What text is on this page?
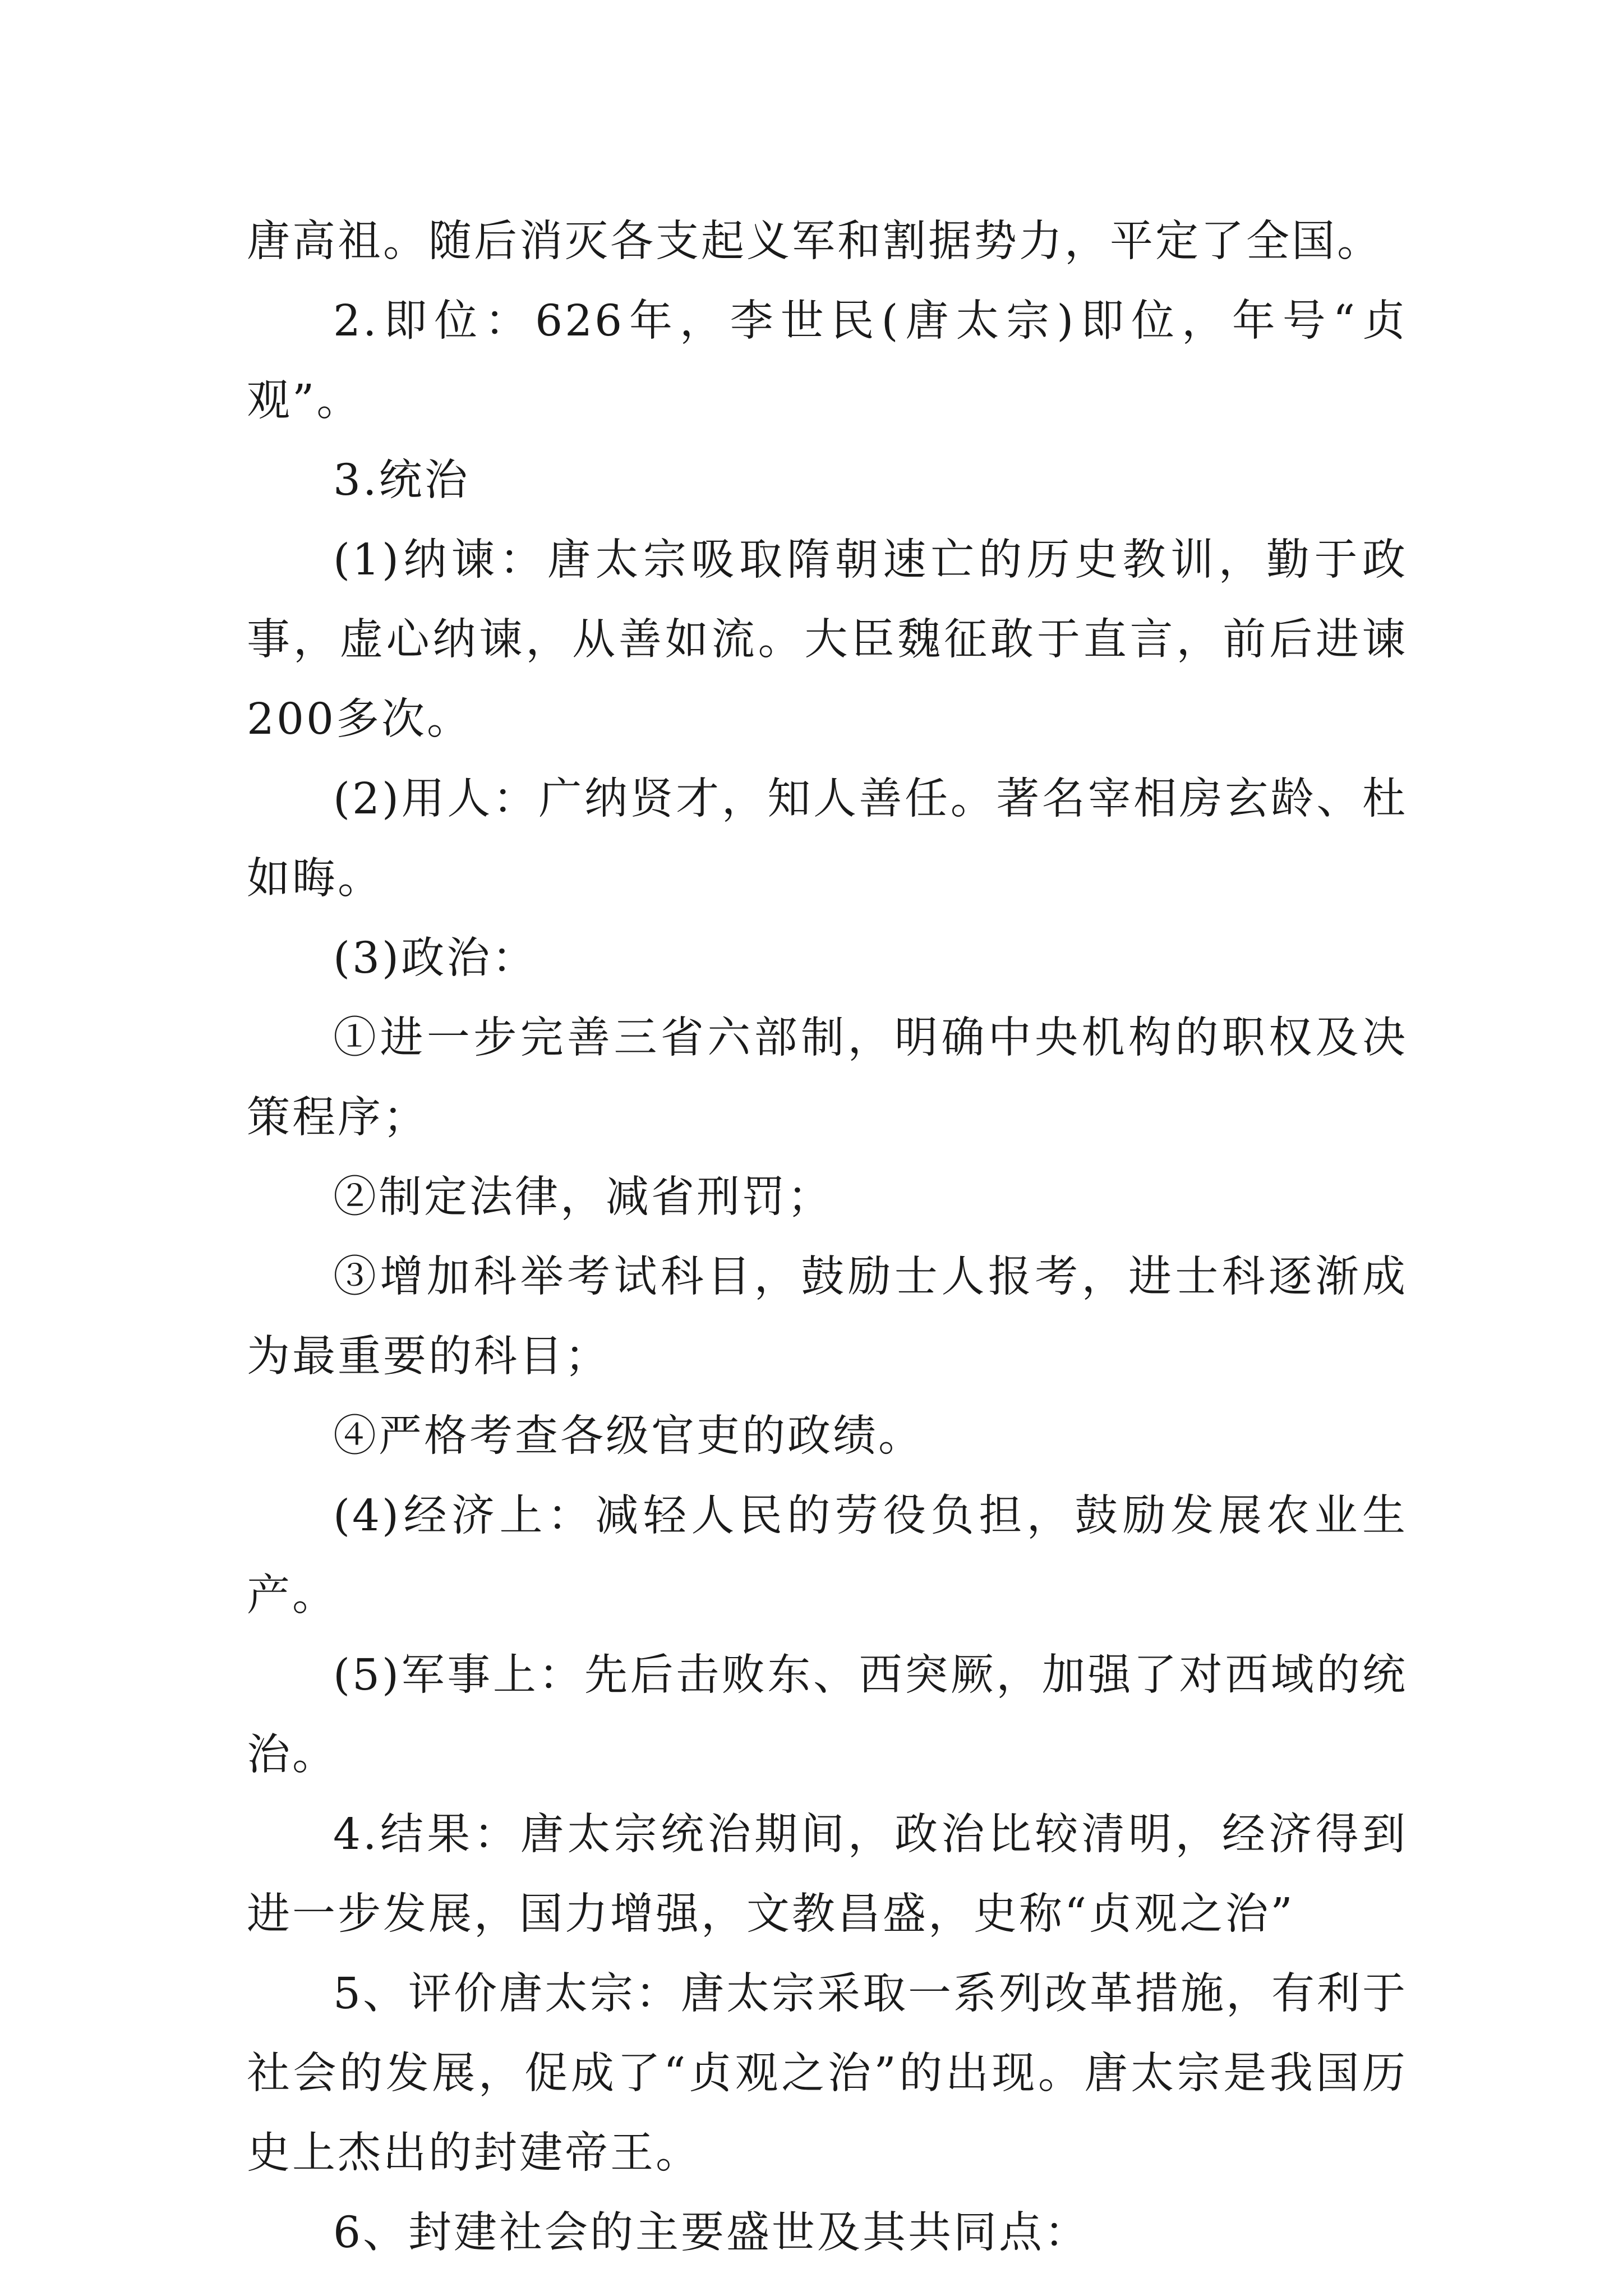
唐高祖。随后消灭各支起义军和割据势力，平定了全国。

2.即位：626年，李世民(唐太宗)即位，年号“贞观”。

3.统治

(1)纳谏：唐太宗吸取隋朝速亡的历史教训，勤于政事，虚心纳谏，从善如流。大臣魏征敢于直言，前后进谏200多次。

(2)用人：广纳贤才，知人善任。著名宰相房玄龄、杜如晦。

(3)政治：

①进一步完善三省六部制，明确中央机构的职权及决策程序；

②制定法律，减省刑罚；

③增加科举考试科目，鼓励士人报考，进士科逐渐成为最重要的科目；

④严格考查各级官吏的政绩。

(4)经济上：减轻人民的劳役负担，鼓励发展农业生产。

(5)军事上：先后击败东、西突厥，加强了对西域的统治。

4.结果：唐太宗统治期间，政治比较清明，经济得到进一步发展，国力增强，文教昌盛，史称“贞观之治”

5、评价唐太宗：唐太宗采取一系列改革措施，有利于社会的发展，促成了“贞观之治”的出现。唐太宗是我国历史上杰出的封建帝王。

6、封建社会的主要盛世及其共同点：
